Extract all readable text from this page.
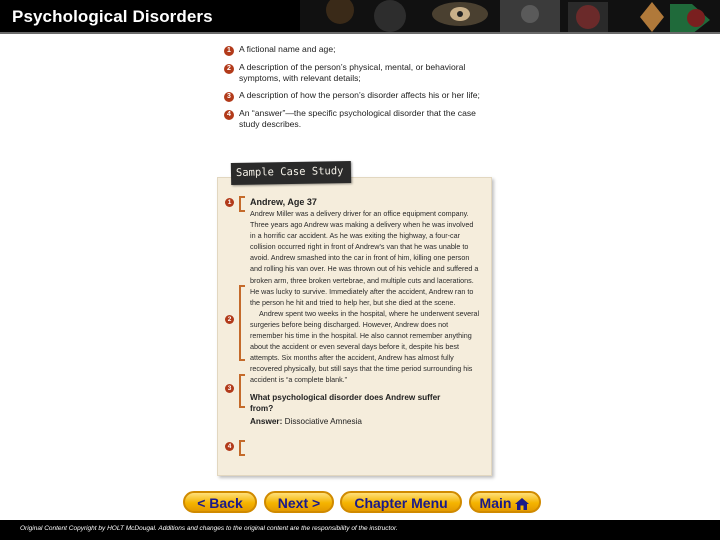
Psychological Disorders
1 A fictional name and age;
2 A description of the person’s physical, mental, or behavioral symptoms, with relevant details;
3 A description of how the person’s disorder affects his or her life;
4 An “answer”—the specific psychological disorder that the case study describes.
Sample Case Study
1
2
3
4
Andrew, Age 37

Andrew Miller was a delivery driver for an office equipment company. Three years ago Andrew was making a delivery when he was involved in a horrific car accident. As he was exiting the highway, a four-car collision occurred right in front of Andrew’s van that he was unable to avoid. Andrew smashed into the car in front of him, killing one person and rolling his van over. He was thrown out of his vehicle and suffered a broken arm, three broken vertebrae, and multiple cuts and lacerations. He was lucky to survive. Immediately after the accident, Andrew ran to the person he hit and tried to help her, but she died at the scene.

Andrew spent two weeks in the hospital, where he underwent several surgeries before being discharged. However, Andrew does not remember his time in the hospital. He also cannot remember anything about the accident or even several days before it, despite his best attempts. Six months after the accident, Andrew has almost fully recovered physically, but still says that the time period surrounding his accident is “a complete blank.”

What psychological disorder does Andrew suffer from?
Answer: Dissociative Amnesia
< Back	Next >	Chapter Menu	Main
Original Content Copyright by HOLT McDougal. Additions and changes to the original content are the responsibility of the instructor.
